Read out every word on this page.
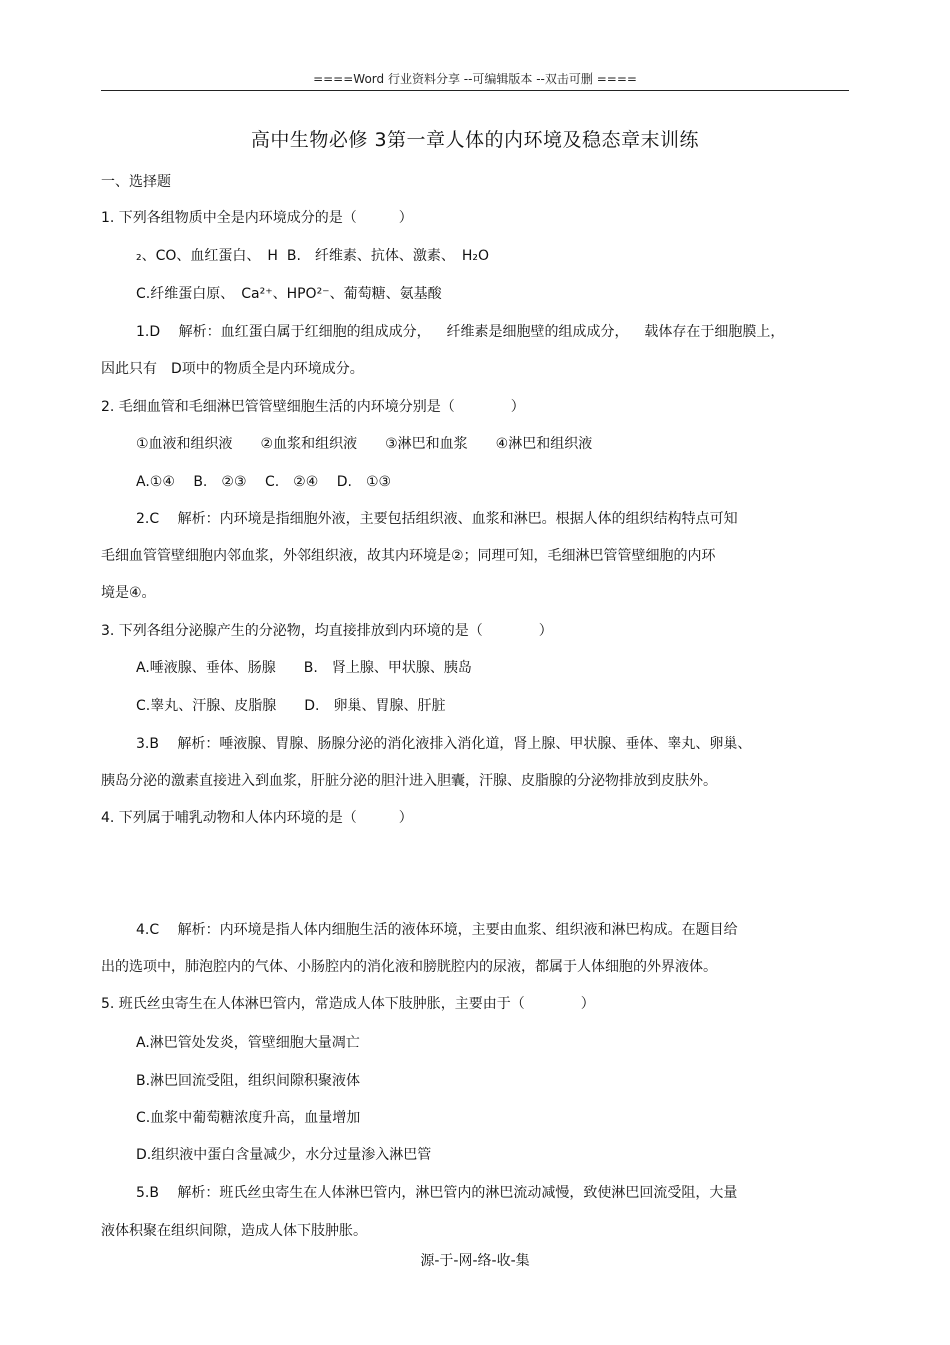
====Word 行业资料分享 --可编辑版本 --双击可删 ====
高中生物必修 3第一章人体的内环境及稳态章末训练
一、选择题
1. 下列各组物质中全是内环境成分的是（　　　）
₂、CO、血红蛋白、　H  B.　纤维素、抗体、激素、　H₂O
C.纤维蛋白原、　Ca²⁺、HPO²⁻、葡萄糖、氨基酸
1.D　 解析：血红蛋白属于红细胞的组成成分，　  纤维素是细胞壁的组成成分，　  载体存在于细胞膜上，
因此只有　D项中的物质全是内环境成分。
2. 毛细血管和毛细淋巴管管壁细胞生活的内环境分别是（　　　　）
①血液和组织液　　②血浆和组织液　　③淋巴和血浆　　④淋巴和组织液
A.①④　 B.　②③　 C.　②④　 D.　①③
2.C　 解析：内环境是指细胞外液，主要包括组织液、血浆和淋巴。根据人体的组织结构特点可知
毛细血管管壁细胞内邻血浆，外邻组织液，故其内环境是②；同理可知，毛细淋巴管管壁细胞的内环
境是④。
3. 下列各组分泌腺产生的分泌物，均直接排放到内环境的是（　　　　）
A.唾液腺、垂体、肠腺　　B.　肾上腺、甲状腺、胰岛
C.睾丸、汗腺、皮脂腺　　D.　卵巢、胃腺、肝脏
3.B　 解析：唾液腺、胃腺、肠腺分泌的消化液排入消化道，肾上腺、甲状腺、垂体、睾丸、卵巢、
胰岛分泌的激素直接进入到血浆，肝脏分泌的胆汁进入胆囊，汗腺、皮脂腺的分泌物排放到皮肤外。
4. 下列属于哺乳动物和人体内环境的是（　　　）
4.C　 解析：内环境是指人体内细胞生活的液体环境，主要由血浆、组织液和淋巴构成。在题目给
出的选项中，肺泡腔内的气体、小肠腔内的消化液和膀胱腔内的尿液，都属于人体细胞的外界液体。
5. 班氏丝虫寄生在人体淋巴管内，常造成人体下肢肿胀，主要由于（　　　　）
A.淋巴管处发炎，管壁细胞大量凋亡
B.淋巴回流受阻，组织间隙积聚液体
C.血浆中葡萄糖浓度升高，血量增加
D.组织液中蛋白含量减少，水分过量渗入淋巴管
5.B　 解析：班氏丝虫寄生在人体淋巴管内，淋巴管内的淋巴流动减慢，致使淋巴回流受阻，大量
液体积聚在组织间隙，造成人体下肢肿胀。
源-于-网-络-收-集
